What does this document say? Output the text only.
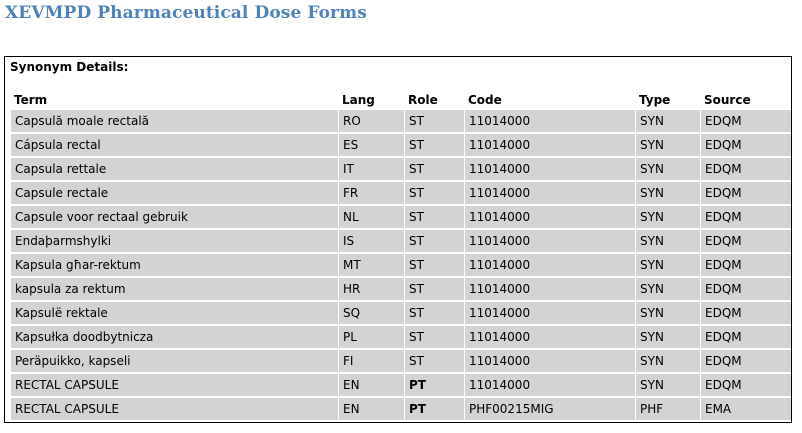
XEVMPD Pharmaceutical Dose Forms
Synonym Details:
Term	Lang	Role	Code	Type	Source
Capsulă moale rectală	RO	ST	11014000	SYN	EDQM
Cápsula rectal	ES	ST	11014000	SYN	EDQM
Capsula rettale	IT	ST	11014000	SYN	EDQM
Capsule rectale	FR	ST	11014000	SYN	EDQM
Capsule voor rectaal gebruik	NL	ST	11014000	SYN	EDQM
Endaþarmshylki	IS	ST	11014000	SYN	EDQM
Kapsula għar-rektum	MT	ST	11014000	SYN	EDQM
kapsula za rektum	HR	ST	11014000	SYN	EDQM
Kapsulë rektale	SQ	ST	11014000	SYN	EDQM
Kapsułka doodbytnicza	PL	ST	11014000	SYN	EDQM
Peräpuikko, kapseli	FI	ST	11014000	SYN	EDQM
RECTAL CAPSULE	EN	PT	11014000	SYN	EDQM
RECTAL CAPSULE	EN	PT	PHF00215MIG	PHF	EMA
